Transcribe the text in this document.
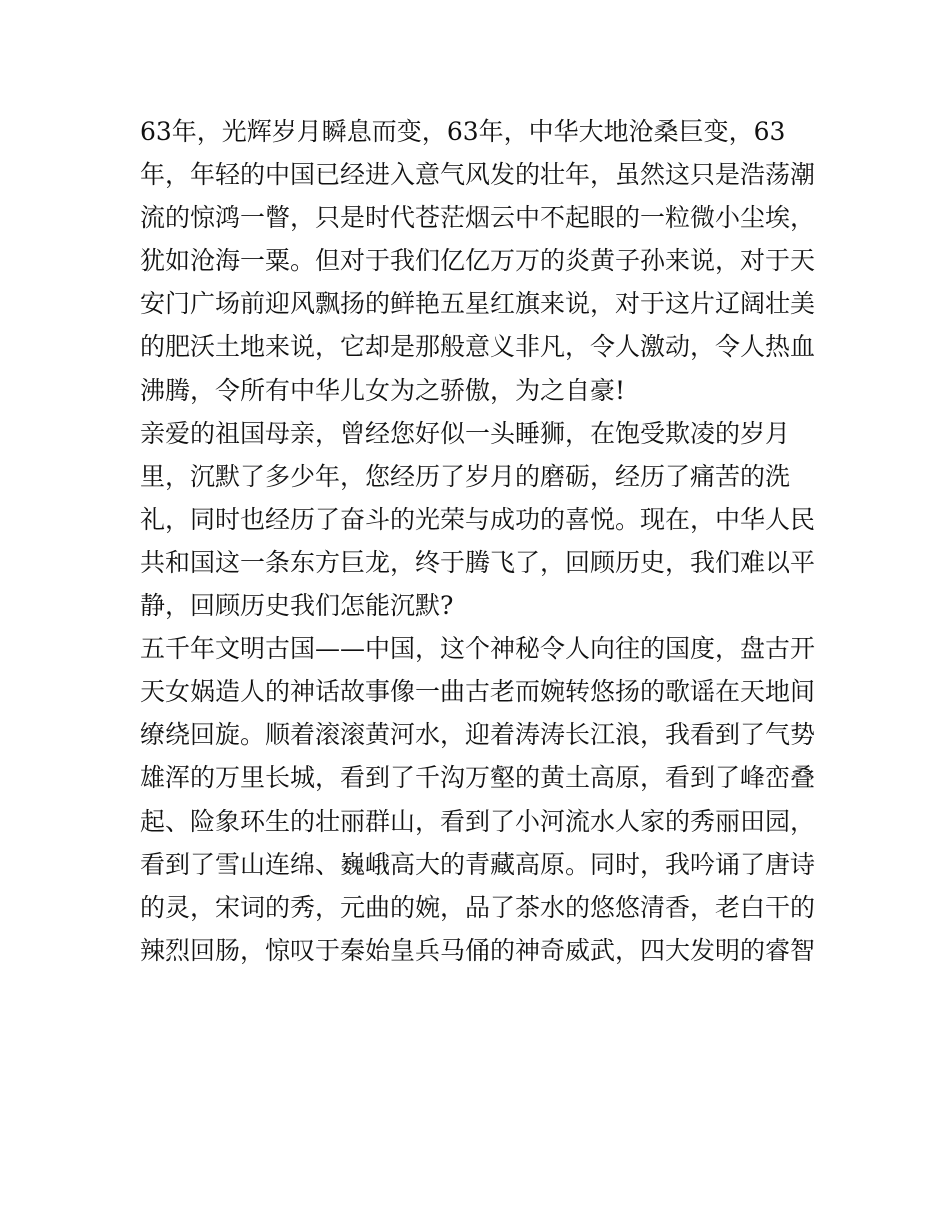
63年，光辉岁月瞬息而变，63年，中华大地沧桑巨变，63
年，年轻的中国已经进入意气风发的壮年，虽然这只是浩荡潮
流的惊鸿一瞥，只是时代苍茫烟云中不起眼的一粒微小尘埃，
犹如沧海一粟。但对于我们亿亿万万的炎黄子孙来说，对于天
安门广场前迎风飘扬的鲜艳五星红旗来说，对于这片辽阔壮美
的肥沃土地来说，它却是那般意义非凡，令人激动，令人热血
沸腾，令所有中华儿女为之骄傲，为之自豪!
亲爱的祖国母亲，曾经您好似一头睡狮，在饱受欺凌的岁月
里，沉默了多少年，您经历了岁月的磨砺，经历了痛苦的洗
礼，同时也经历了奋斗的光荣与成功的喜悦。现在，中华人民
共和国这一条东方巨龙，终于腾飞了，回顾历史，我们难以平
静，回顾历史我们怎能沉默?
五千年文明古国——中国，这个神秘令人向往的国度，盘古开
天女娲造人的神话故事像一曲古老而婉转悠扬的歌谣在天地间
缭绕回旋。顺着滚滚黄河水，迎着涛涛长江浪，我看到了气势
雄浑的万里长城，看到了千沟万壑的黄土高原，看到了峰峦叠
起、险象环生的壮丽群山，看到了小河流水人家的秀丽田园，
看到了雪山连绵、巍峨高大的青藏高原。同时，我吟诵了唐诗
的灵，宋词的秀，元曲的婉，品了茶水的悠悠清香，老白干的
辣烈回肠，惊叹于秦始皇兵马俑的神奇威武，四大发明的睿智
